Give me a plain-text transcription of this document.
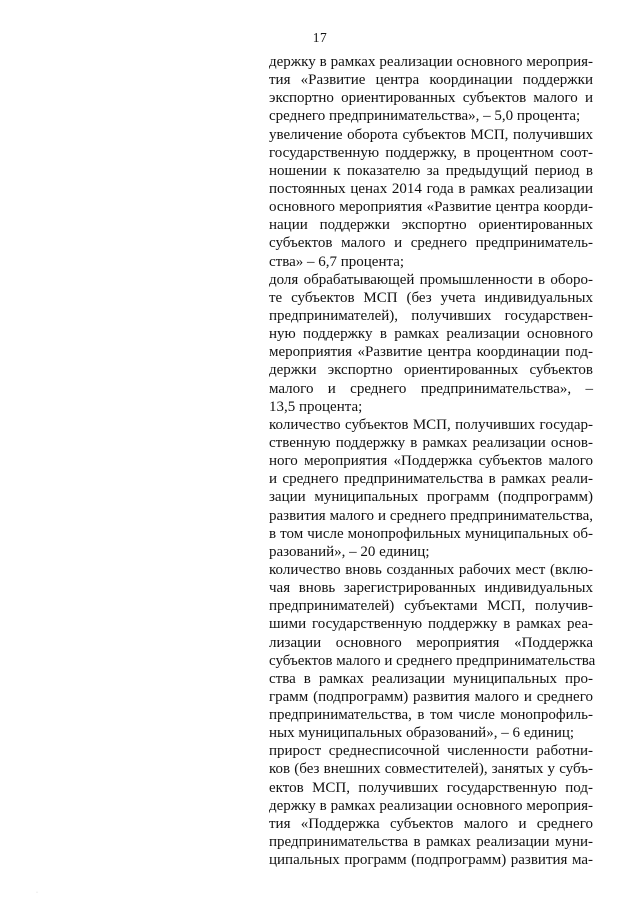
17
держку в рамках реализации основного мероприя-
тия «Развитие центра координации поддержки
экспортно ориентированных субъектов малого и
среднего предпринимательства», – 5,0 процента;
увеличение оборота субъектов МСП, получивших
государственную поддержку, в процентном соот-
ношении к показателю за предыдущий период в
постоянных ценах 2014 года в рамках реализации
основного мероприятия «Развитие центра коорди-
нации поддержки экспортно ориентированных
субъектов малого и среднего предприниматель-
ства» – 6,7 процента;
доля обрабатывающей промышленности в оборо-
те субъектов МСП (без учета индивидуальных
предпринимателей), получивших государствен-
ную поддержку в рамках реализации основного
мероприятия «Развитие центра координации под-
держки экспортно ориентированных субъектов
малого и среднего предпринимательства», –
13,5 процента;
количество субъектов МСП, получивших государ-
ственную поддержку в рамках реализации основ-
ного мероприятия «Поддержка субъектов малого
и среднего предпринимательства в рамках реали-
зации муниципальных программ (подпрограмм)
развития малого и среднего предпринимательства,
в том числе монопрофильных муниципальных об-
разований», – 20 единиц;
количество вновь созданных рабочих мест (вклю-
чая вновь зарегистрированных индивидуальных
предпринимателей) субъектами МСП, получив-
шими государственную поддержку в рамках реа-
лизации основного мероприятия «Поддержка
субъектов малого и среднего предпринимательства
ства в рамках реализации муниципальных про-
грамм (подпрограмм) развития малого и среднего
предпринимательства, в том числе монопрофиль-
ных муниципальных образований», – 6 единиц;
прирост среднесписочной численности работни-
ков (без внешних совместителей), занятых у субъ-
ектов МСП, получивших государственную под-
держку в рамках реализации основного мероприя-
тия «Поддержка субъектов малого и среднего
предпринимательства в рамках реализации муни-
ципальных программ (подпрограмм) развития ма-
·
